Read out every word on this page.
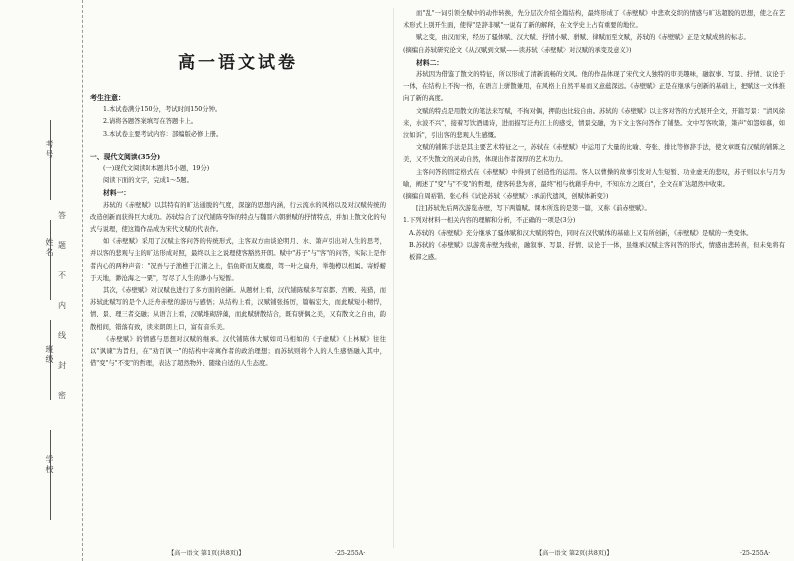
答
题
不
内
线
封
密
高一语文试卷
考生注意：

1.本试卷满分150分，考试时间150分钟。

2.请将各题答案填写在答题卡上。

3.本试卷主要考试内容：部编版必修上册。

一、现代文阅读(35分)

(一)现代文阅读Ⅰ(本题共5小题，19分)

阅读下面的文字，完成1～5题。

材料一：

苏轼的《赤壁赋》以其特有的旷达通脱的气度，深邃的思想内涵，行云流水的风格以及对汉赋传统的改造创新而获得巨大成功。苏轼综合了汉代铺陈夸饰的特点与魏晋六朝骈赋的抒情特点，并加上散文化的句式与说理，使这篇作品成为宋代文赋的代表作。

如《赤壁赋》采用了汉赋主客问答的传统形式，主客双方由谈论明月、水、箫声引出对人生的思考，并以客的悲观与主的旷达形成对照，最终以主之说理使客豁然开朗。赋中"苏子"与"客"的问答，实际上是作者内心的两种声音："况吾与子渔樵于江渚之上，侣鱼虾而友麋鹿，驾一叶之扁舟，举匏樽以相属。寄蜉蝣于天地，渺沧海之一粟"，写尽了人生的渺小与短暂。

其次，《赤壁赋》对汉赋也进行了多方面的创新。从题材上看，汉代铺陈赋多写京都、宫殿、苑猎，而苏轼此赋写的是个人泛舟赤壁的游历与感悟；从结构上看，汉赋铺张扬厉，篇幅宏大，而此赋短小精悍，情、景、理三者交融；从语言上看，汉赋堆砌辞藻，而此赋骈散结合，既有骈偶之美，又有散文之自由，韵散相间，错落有致，读来朗朗上口，富有音乐美。

《赤壁赋》的情感与思想对汉赋的继承。汉代铺陈体大赋如司马相如的《子虚赋》《上林赋》往往以"讽谏"为旨归，在"劝百讽一"的结构中寄寓作者的政治理想；而苏轼则将个人的人生感悟融入其中，借"变"与"不变"的哲理，表达了超然物外、随缘自适的人生态度。

而"乱"一词引领全赋中的动作转换，先分层次介绍全篇结构，最终形成了《赤壁赋》中悲欢交织的情感与旷达超脱的思想，使之在艺术形式上别开生面，使得"是辞非赋"一说有了新的解释，在文学史上占有重要的地位。

赋之变，由汉而宋，经历了骚体赋、汉大赋、抒情小赋、骈赋、律赋而至文赋，苏轼的《赤壁赋》正是文赋成熟的标志。

(摘编自苏轼研究论文《从汉赋到文赋——读苏轼〈赤壁赋〉对汉赋的承变及意义》)

材料二：

苏轼因为借鉴了散文的特征，所以形成了清新流畅的文风。他的作品体现了宋代文人独特的审美趣味，融叙事、写景、抒情、议论于一体，在结构上不拘一格，在语言上骈散兼用，在风格上自然平易而又意蕴深远。《赤壁赋》正是在继承与创新的基础上，把赋这一文体推向了新的高度。

文赋的特点是用散文的笔法来写赋，不拘对偶，押韵也比较自由。苏轼的《赤壁赋》以主客对答的方式展开全文，开篇写景："清风徐来，水波不兴"，接着写饮酒诵诗，进而描写泛舟江上的感受，情景交融，为下文主客问答作了铺垫。文中写客吹箫，箫声"如怨如慕，如泣如诉"，引出客的悲观人生感慨。

文赋的铺陈手法是其主要艺术特征之一，苏轼在《赤壁赋》中运用了大量的比喻、夸张、排比等修辞手法，使文章既有汉赋的铺陈之美，又不失散文的灵动自然，体现出作者深厚的艺术功力。

主客问答的固定格式在《赤壁赋》中得到了创造性的运用。客人以曹操的故事引发对人生短暂、功业虚无的悲叹，苏子则以水与月为喻，阐述了"变"与"不变"的哲理，使客转悲为喜，最终"相与枕藉乎舟中，不知东方之既白"，全文在旷达超然中收束。

(摘编自周裕锴、张心科《试论苏轼〈赤壁赋〉:承前代遗风，创赋体新变》)

[注]苏轼先后两次游览赤壁，写下两篇赋。课本所选的是第一篇，又称《前赤壁赋》。

1.下列对材料一相关内容的理解和分析，不正确的一项是(3分)

A.苏轼的《赤壁赋》充分继承了骚体赋和汉大赋的特色，同时在汉代赋体的基础上又有所创新，《赤壁赋》是赋的一类变体。

B.苏轼的《赤壁赋》以游赏赤壁为线索，融叙事、写景、抒情、议论于一体，虽继承汉赋主客问答的形式，情感由悲转喜，但未免将有板滞之感。

【高一语文 第1页(共8页)】	·25-255A·	【高一语文 第2页(共8页)】	·25-255A·
